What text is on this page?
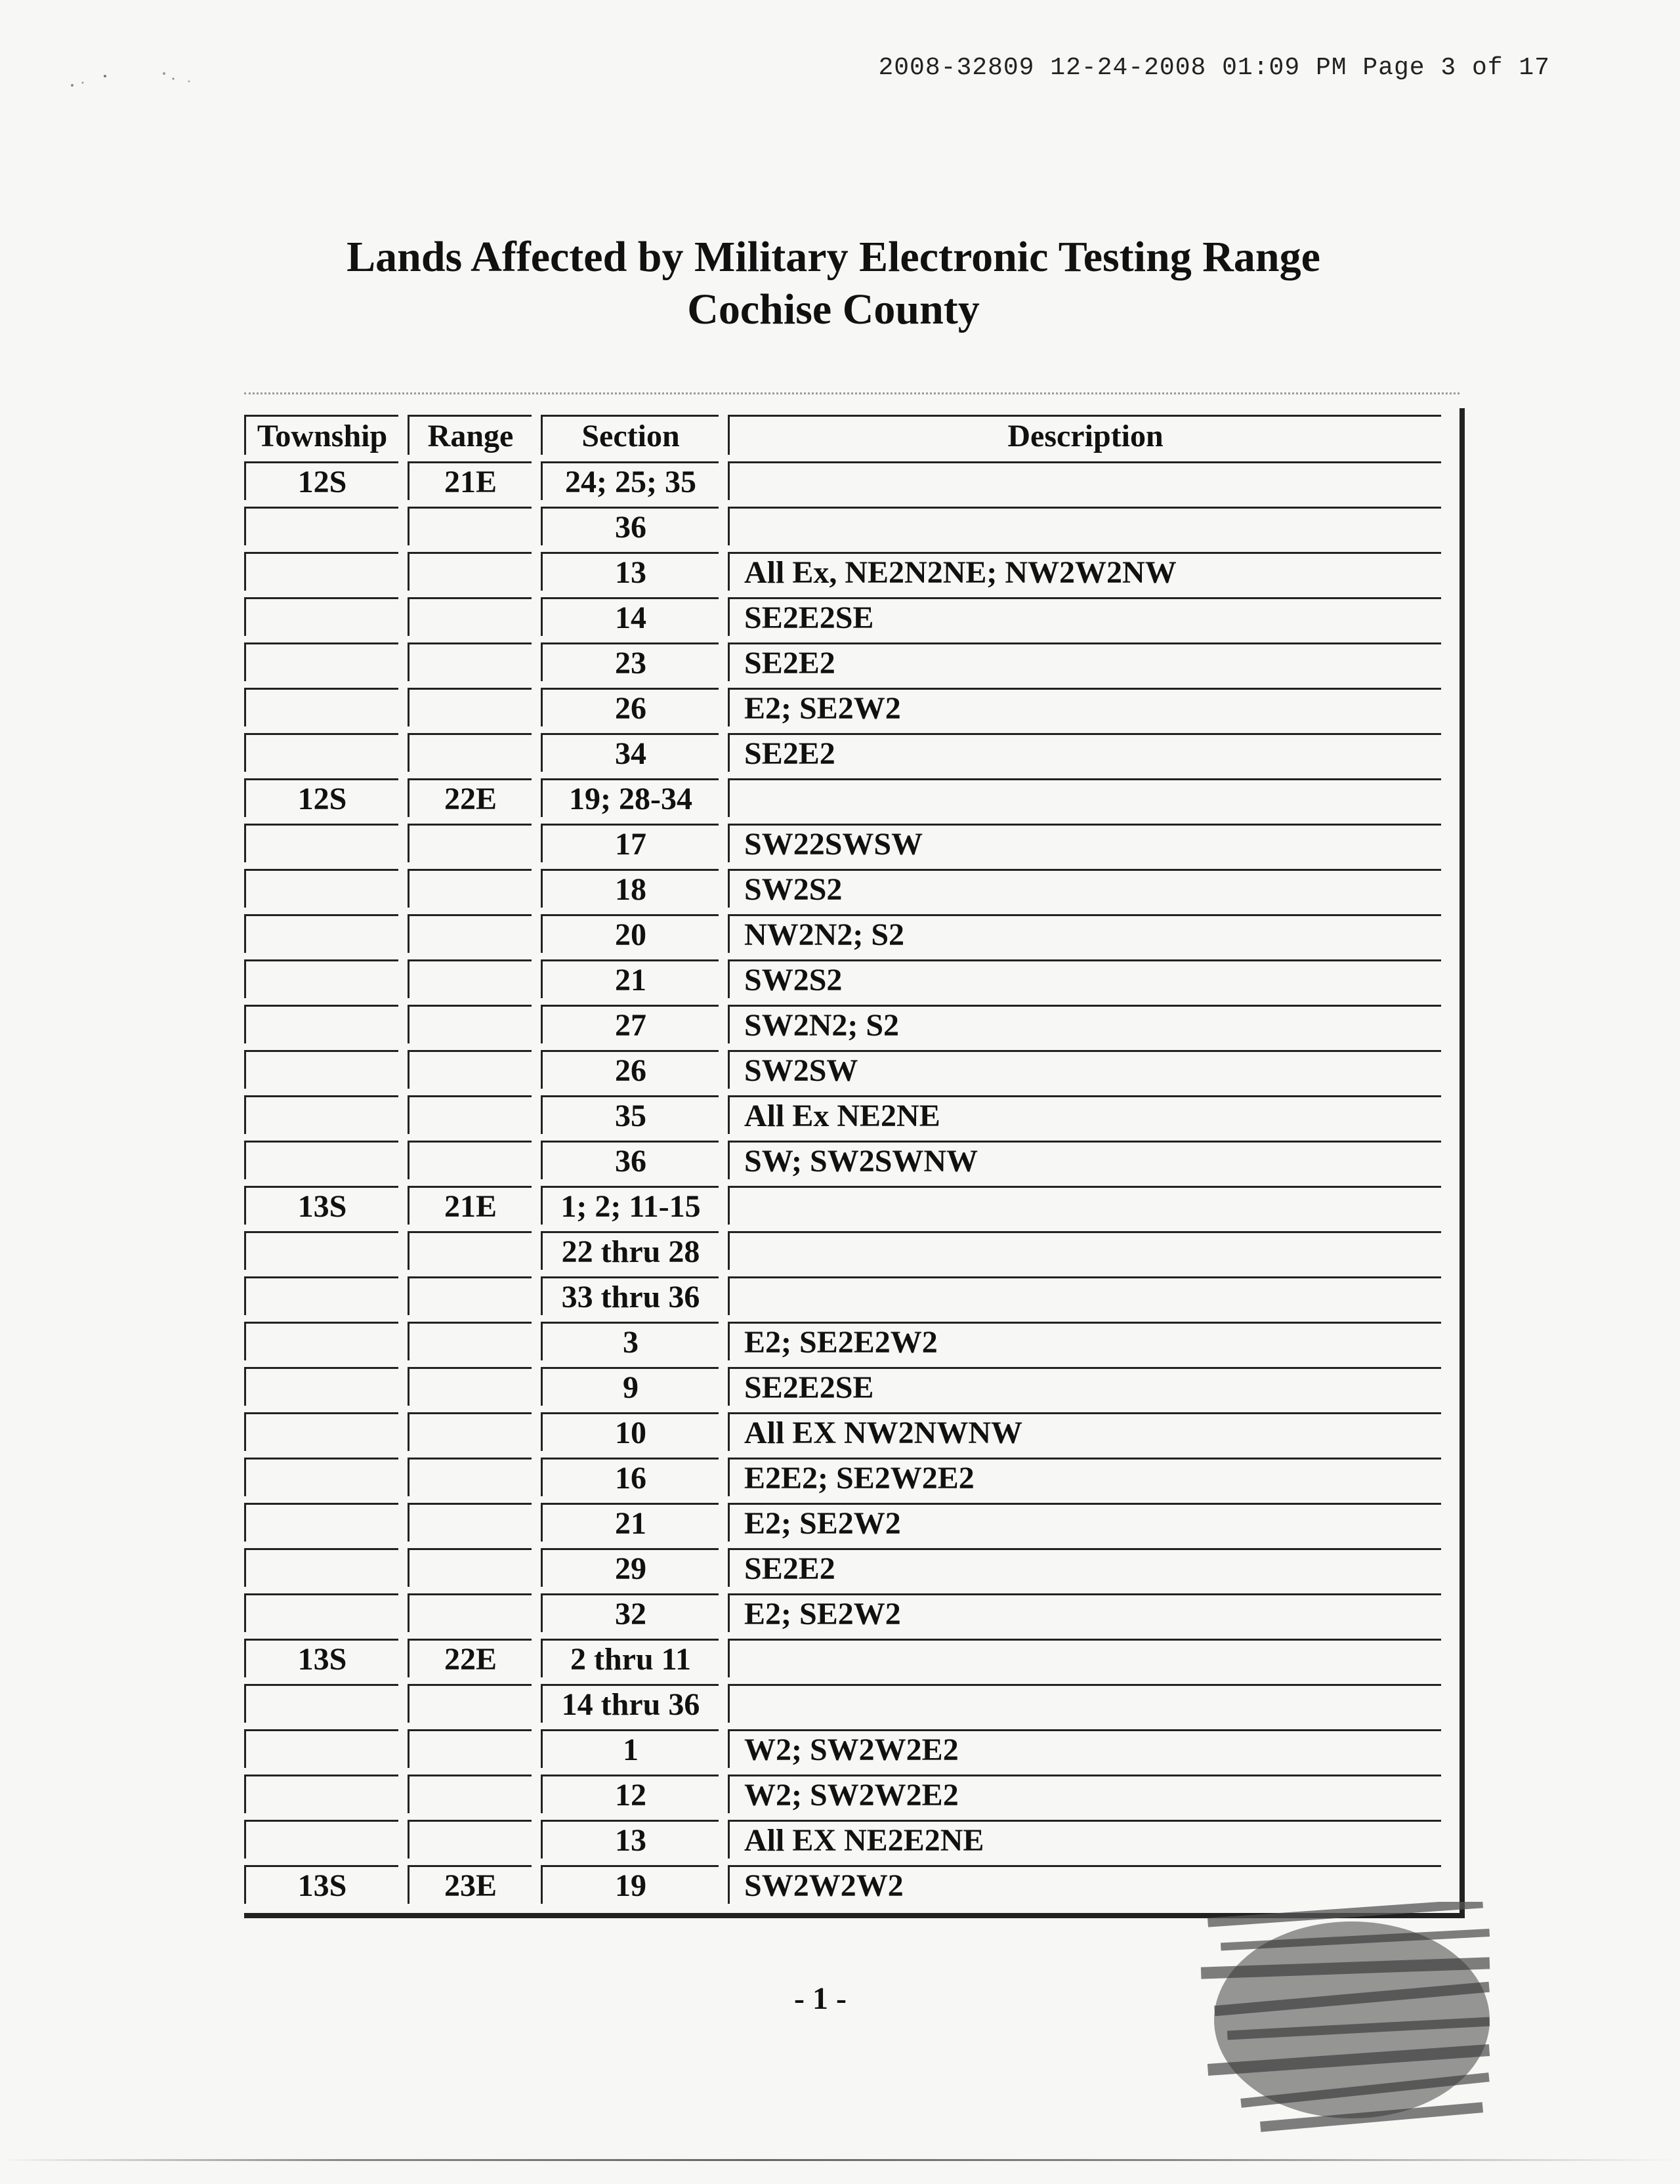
2008-32809 12-24-2008 01:09 PM Page 3 of 17
Lands Affected by Military Electronic Testing Range
Cochise County
Township	Range	Section	Description
12S	21E	24; 25; 35	
		36	
		13	All Ex, NE2N2NE; NW2W2NW
		14	SE2E2SE
		23	SE2E2
		26	E2; SE2W2
		34	SE2E2
12S	22E	19; 28-34	
		17	SW22SWSW
		18	SW2S2
		20	NW2N2; S2
		21	SW2S2
		27	SW2N2; S2
		26	SW2SW
		35	All Ex NE2NE
		36	SW; SW2SWNW
13S	21E	1; 2; 11-15	
		22 thru 28	
		33 thru 36	
		3	E2; SE2E2W2
		9	SE2E2SE
		10	All EX NW2NWNW
		16	E2E2; SE2W2E2
		21	E2; SE2W2
		29	SE2E2
		32	E2; SE2W2
13S	22E	2 thru 11	
		14 thru 36	
		1	W2; SW2W2E2
		12	W2; SW2W2E2
		13	All EX NE2E2NE
13S	23E	19	SW2W2W2
- 1 -
